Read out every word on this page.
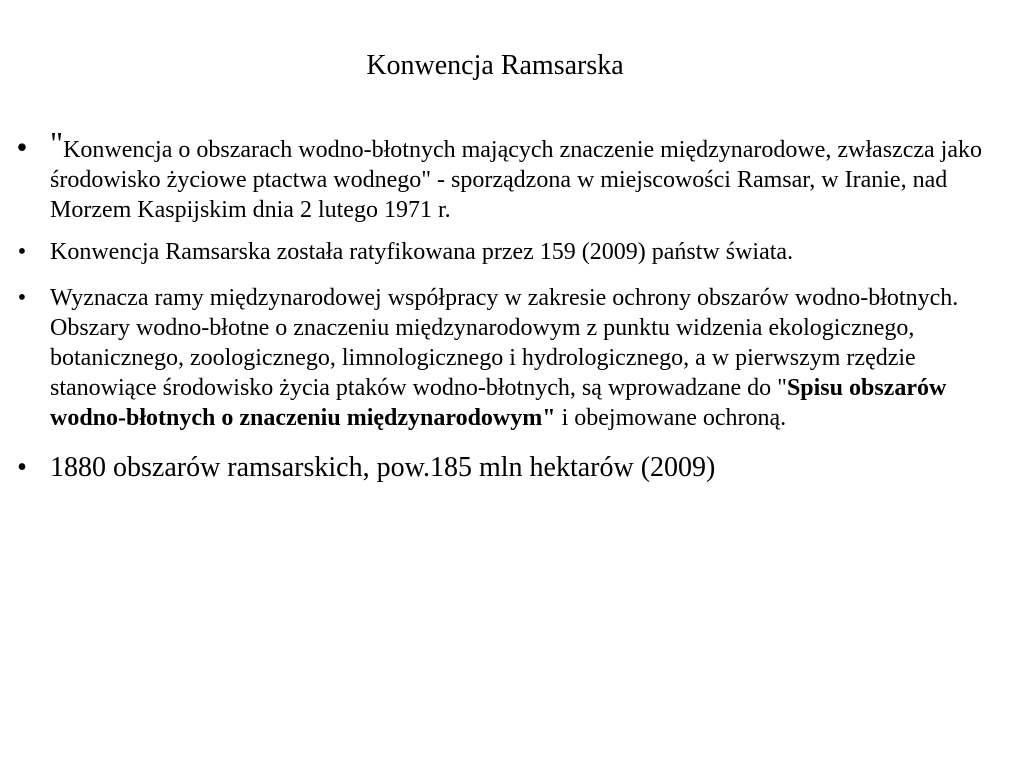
Konwencja Ramsarska
• "Konwencja o obszarach wodno-błotnych mających znaczenie międzynarodowe, zwłaszcza jako środowisko życiowe ptactwa wodnego" - sporządzona w miejscowości Ramsar, w Iranie, nad Morzem Kaspijskim dnia 2 lutego 1971 r.
• Konwencja Ramsarska została ratyfikowana przez 159 (2009) państw świata.
• Wyznacza ramy międzynarodowej współpracy w zakresie ochrony obszarów wodno-błotnych. Obszary wodno-błotne o znaczeniu międzynarodowym z punktu widzenia ekologicznego, botanicznego, zoologicznego, limnologicznego i hydrologicznego, a w pierwszym rzędzie stanowiące środowisko życia ptaków wodno-błotnych, są wprowadzane do "Spisu obszarów wodno-błotnych o znaczeniu międzynarodowym" i obejmowane ochroną.
• 1880 obszarów ramsarskich, pow.185 mln hektarów (2009)
